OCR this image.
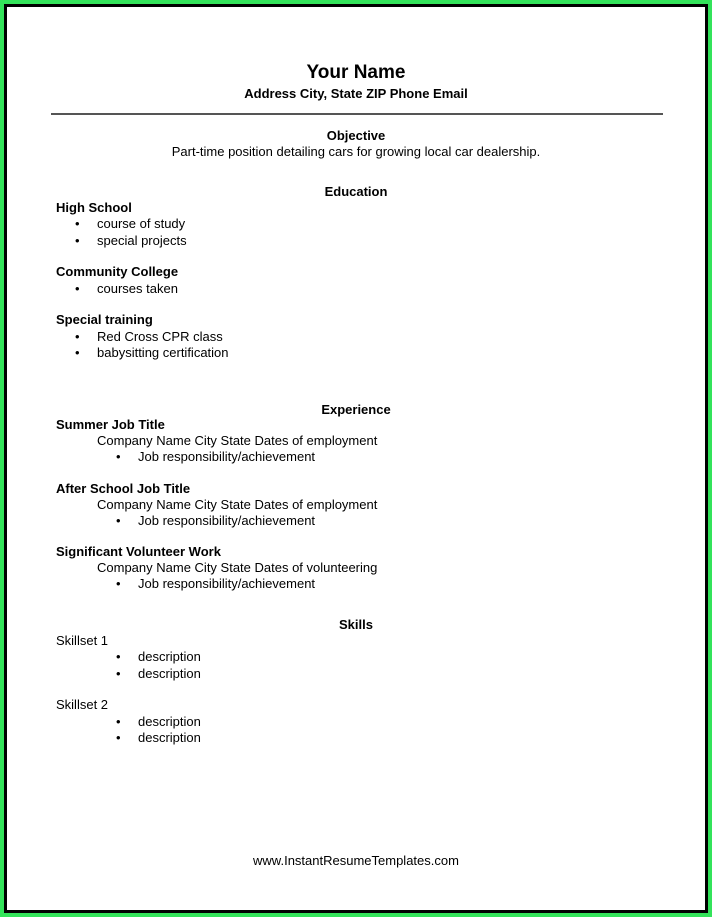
Your Name
Address City, State ZIP Phone Email
Objective
Part-time position detailing cars for growing local car dealership.
Education
High School
• course of study
• special projects
Community College
• courses taken
Special training
• Red Cross CPR class
• babysitting certification
Experience
Summer Job Title
Company Name City State Dates of employment
• Job responsibility/achievement
After School Job Title
Company Name City State Dates of employment
• Job responsibility/achievement
Significant Volunteer Work
Company Name City State Dates of volunteering
• Job responsibility/achievement
Skills
Skillset 1
• description
• description
Skillset 2
• description
• description
www.InstantResumeTemplates.com
